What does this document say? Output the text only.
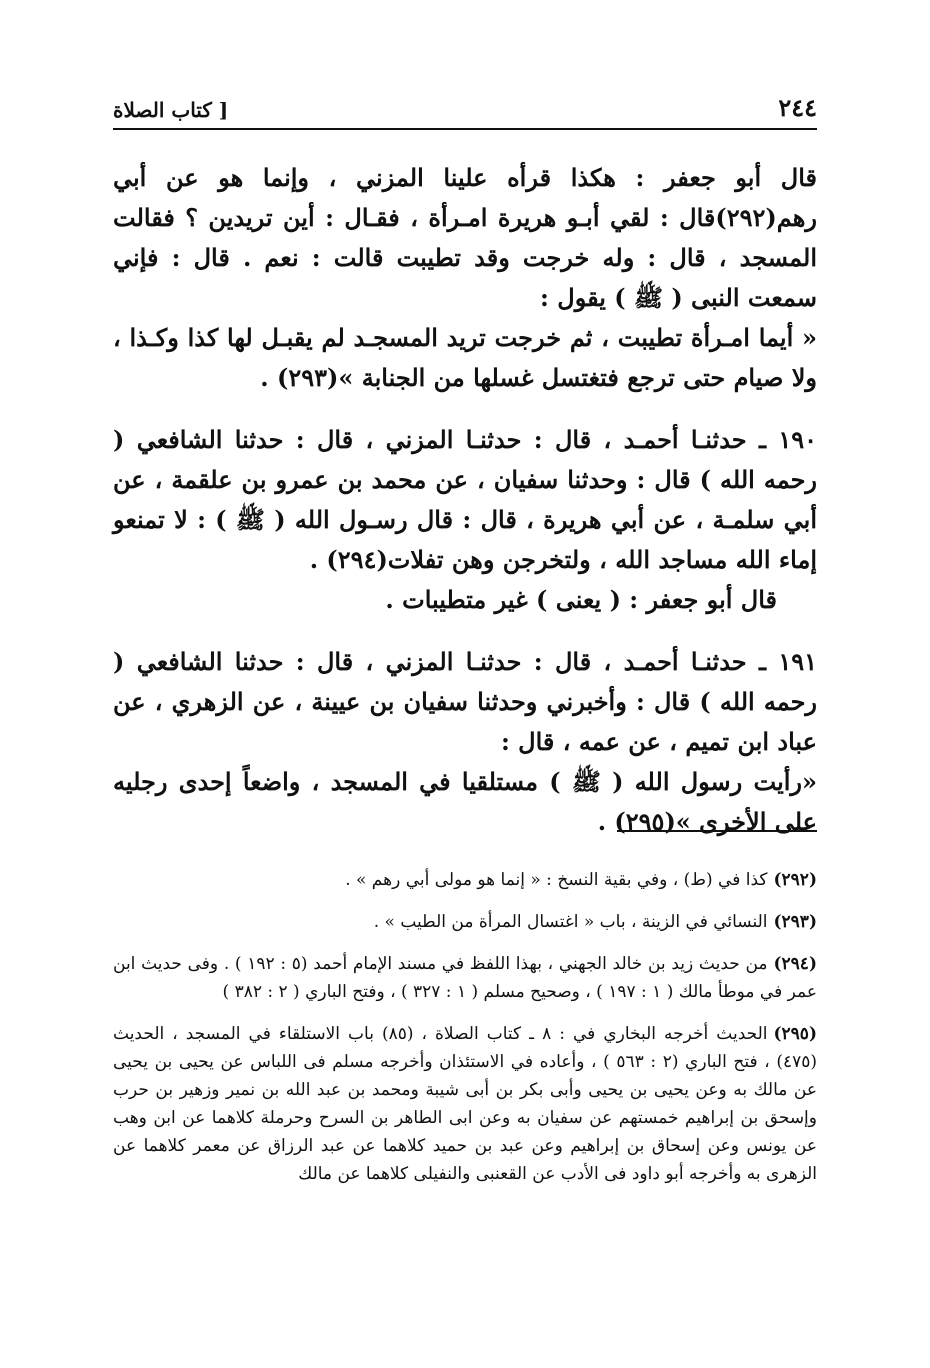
٢٤٤
[ كتاب الصلاة

قال أبو جعفر : هكذا قرأه علينا المزني ، وإنما هو عن أبي رهم(٢٩٢)قال : لقي أبـو هريرة امـرأة ، فقـال : أين تريدين ؟ فقالت المسجد ، قال : وله خرجت وقد تطيبت قالت : نعم . قال : فإني سمعت النبى ( ﷺ ) يقول :

« أيما امـرأة تطيبت ، ثم خرجت تريد المسجـد لم يقبـل لها كذا وكـذا ، ولا صيام حتى ترجع فتغتسل غسلها من الجنابة »(٢٩٣) .

١٩٠ ـ حدثنـا أحمـد ، قال : حدثنـا المزني ، قال : حدثنا الشافعي ( رحمه الله ) قال : وحدثنا سفيان ، عن محمد بن عمرو بن علقمة ، عن أبي سلمـة ، عن أبي هريرة ، قال : قال رسـول الله ( ﷺ ) : لا تمنعو إماء الله مساجد الله ، ولتخرجن وهن تفلات(٢٩٤) .

قال أبو جعفر : ( يعنى ) غير متطيبات .

١٩١ ـ حدثنـا أحمـد ، قال : حدثنـا المزني ، قال : حدثنا الشافعي ( رحمه الله ) قال : وأخبرني وحدثنا سفيان بن عيينة ، عن الزهري ، عن عباد ابن تميم ، عن عمه ، قال :

«رأيت رسول الله ( ﷺ ) مستلقيا في المسجد ، واضعاً إحدى رجليه على الأخرى »(٢٩٥) .

(٢٩٢)كذا في (ط) ، وفي بقية النسخ : « إنما هو مولى أبي رهم » .

(٢٩٣)النسائي في الزينة ، باب « اغتسال المرأة من الطيب » .

(٢٩٤)من حديث زيد بن خالد الجهني ، بهذا اللفظ في مسند الإمام أحمد (٥ : ١٩٢ ) . وفى حديث ابن عمر في موطأ مالك ( ١ : ١٩٧ ) ، وصحيح مسلم ( ١ : ٣٢٧ ) ، وفتح الباري ( ٢ : ٣٨٢ )

(٢٩٥)الحديث أخرجه البخاري في : ٨ ـ كتاب الصلاة ، (٨٥) باب الاستلقاء في المسجد ، الحديث (٤٧٥) ، فتح الباري (٢ : ٥٦٣ ) ، وأعاده في الاستئذان وأخرجه مسلم فى اللباس عن يحيى بن يحيى عن مالك به وعن يحيى بن يحيى وأبى بكر بن أبى شيبة ومحمد بن عبد الله بن نمير وزهير بن حرب وإسحق بن إبراهيم خمستهم عن سفيان به وعن ابى الطاهر بن السرح وحرملة كلاهما عن ابن وهب عن يونس وعن إسحاق بن إبراهيم وعن عبد بن حميد كلاهما عن عبد الرزاق عن معمر كلاهما عن الزهرى به وأخرجه أبو داود فى الأدب عن القعنبى والنفيلى كلاهما عن مالك
